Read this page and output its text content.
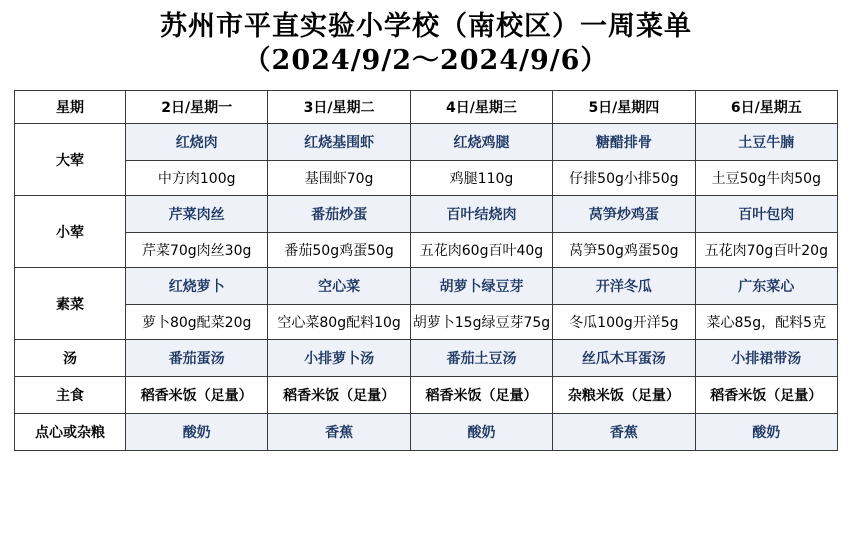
苏州市平直实验小学校（南校区）一周菜单
（2024/9/2～2024/9/6）
星期	2日/星期一	3日/星期二	4日/星期三	5日/星期四	6日/星期五
大荤	红烧肉	红烧基围虾	红烧鸡腿	糖醋排骨	土豆牛腩
	中方肉100g	基围虾70g	鸡腿110g	仔排50g小排50g	土豆50g牛肉50g
小荤	芹菜肉丝	番茄炒蛋	百叶结烧肉	莴笋炒鸡蛋	百叶包肉
	芹菜70g肉丝30g	番茄50g鸡蛋50g	五花肉60g百叶40g	莴笋50g鸡蛋50g	五花肉70g百叶20g
素菜	红烧萝卜	空心菜	胡萝卜绿豆芽	开洋冬瓜	广东菜心
	萝卜80g配菜20g	空心菜80g配料10g	胡萝卜15g绿豆芽75g	冬瓜100g开洋5g	菜心85g，配料5克
汤	番茄蛋汤	小排萝卜汤	番茄土豆汤	丝瓜木耳蛋汤	小排裙带汤
主食	稻香米饭（足量）	稻香米饭（足量）	稻香米饭（足量）	杂粮米饭（足量）	稻香米饭（足量）
点心或杂粮	酸奶	香蕉	酸奶	香蕉	酸奶
